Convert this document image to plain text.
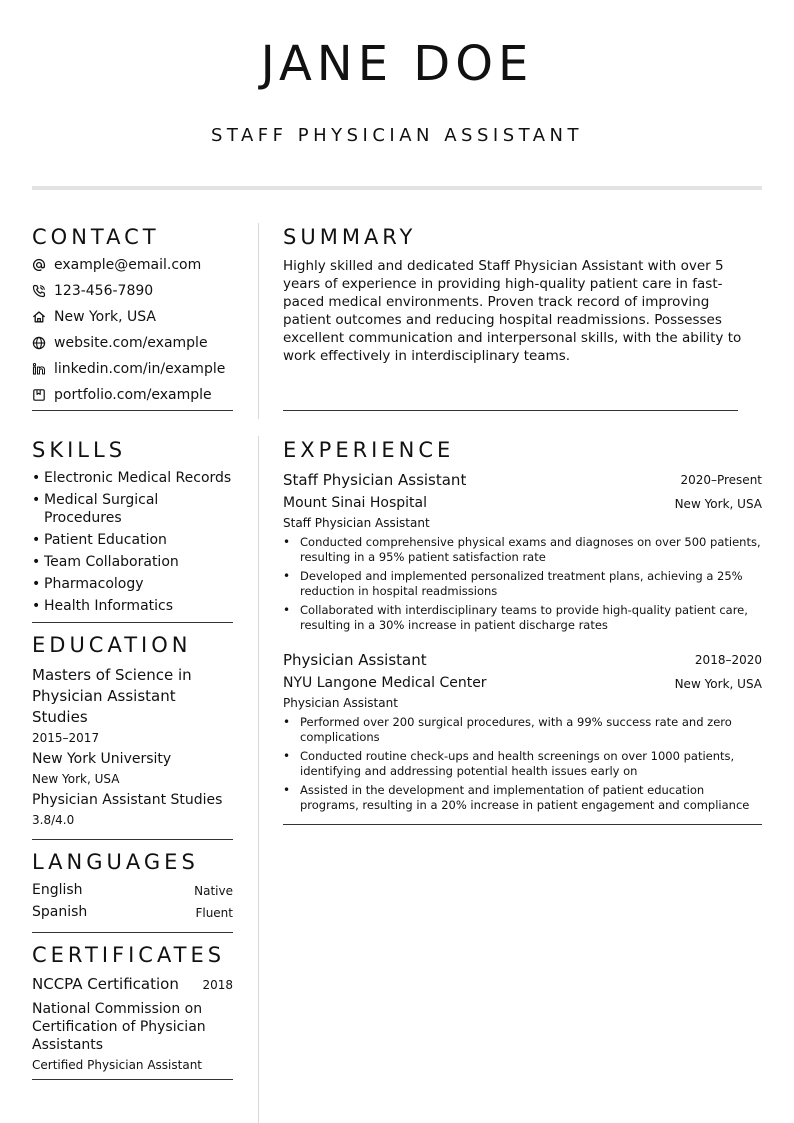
JANE DOE
STAFF PHYSICIAN ASSISTANT
CONTACT
example@email.com
123-456-7890
New York, USA
website.com/example
linkedin.com/in/example
portfolio.com/example
SKILLS
• Electronic Medical Records
• Medical Surgical Procedures
• Patient Education
• Team Collaboration
• Pharmacology
• Health Informatics
EDUCATION
Masters of Science in Physician Assistant Studies
2015–2017
New York University
New York, USA
Physician Assistant Studies
3.8/4.0
LANGUAGES
English	Native
Spanish	Fluent
CERTIFICATES
NCCPA Certification	2018
National Commission on Certification of Physician Assistants
Certified Physician Assistant
SUMMARY
Highly skilled and dedicated Staff Physician Assistant with over 5 years of experience in providing high-quality patient care in fast-paced medical environments. Proven track record of improving patient outcomes and reducing hospital readmissions. Possesses excellent communication and interpersonal skills, with the ability to work effectively in interdisciplinary teams.
EXPERIENCE
Staff Physician Assistant	2020–Present
Mount Sinai Hospital	New York, USA
Staff Physician Assistant
• Conducted comprehensive physical exams and diagnoses on over 500 patients, resulting in a 95% patient satisfaction rate
• Developed and implemented personalized treatment plans, achieving a 25% reduction in hospital readmissions
• Collaborated with interdisciplinary teams to provide high-quality patient care, resulting in a 30% increase in patient discharge rates
Physician Assistant	2018–2020
NYU Langone Medical Center	New York, USA
Physician Assistant
• Performed over 200 surgical procedures, with a 99% success rate and zero complications
• Conducted routine check-ups and health screenings on over 1000 patients, identifying and addressing potential health issues early on
• Assisted in the development and implementation of patient education programs, resulting in a 20% increase in patient engagement and compliance
